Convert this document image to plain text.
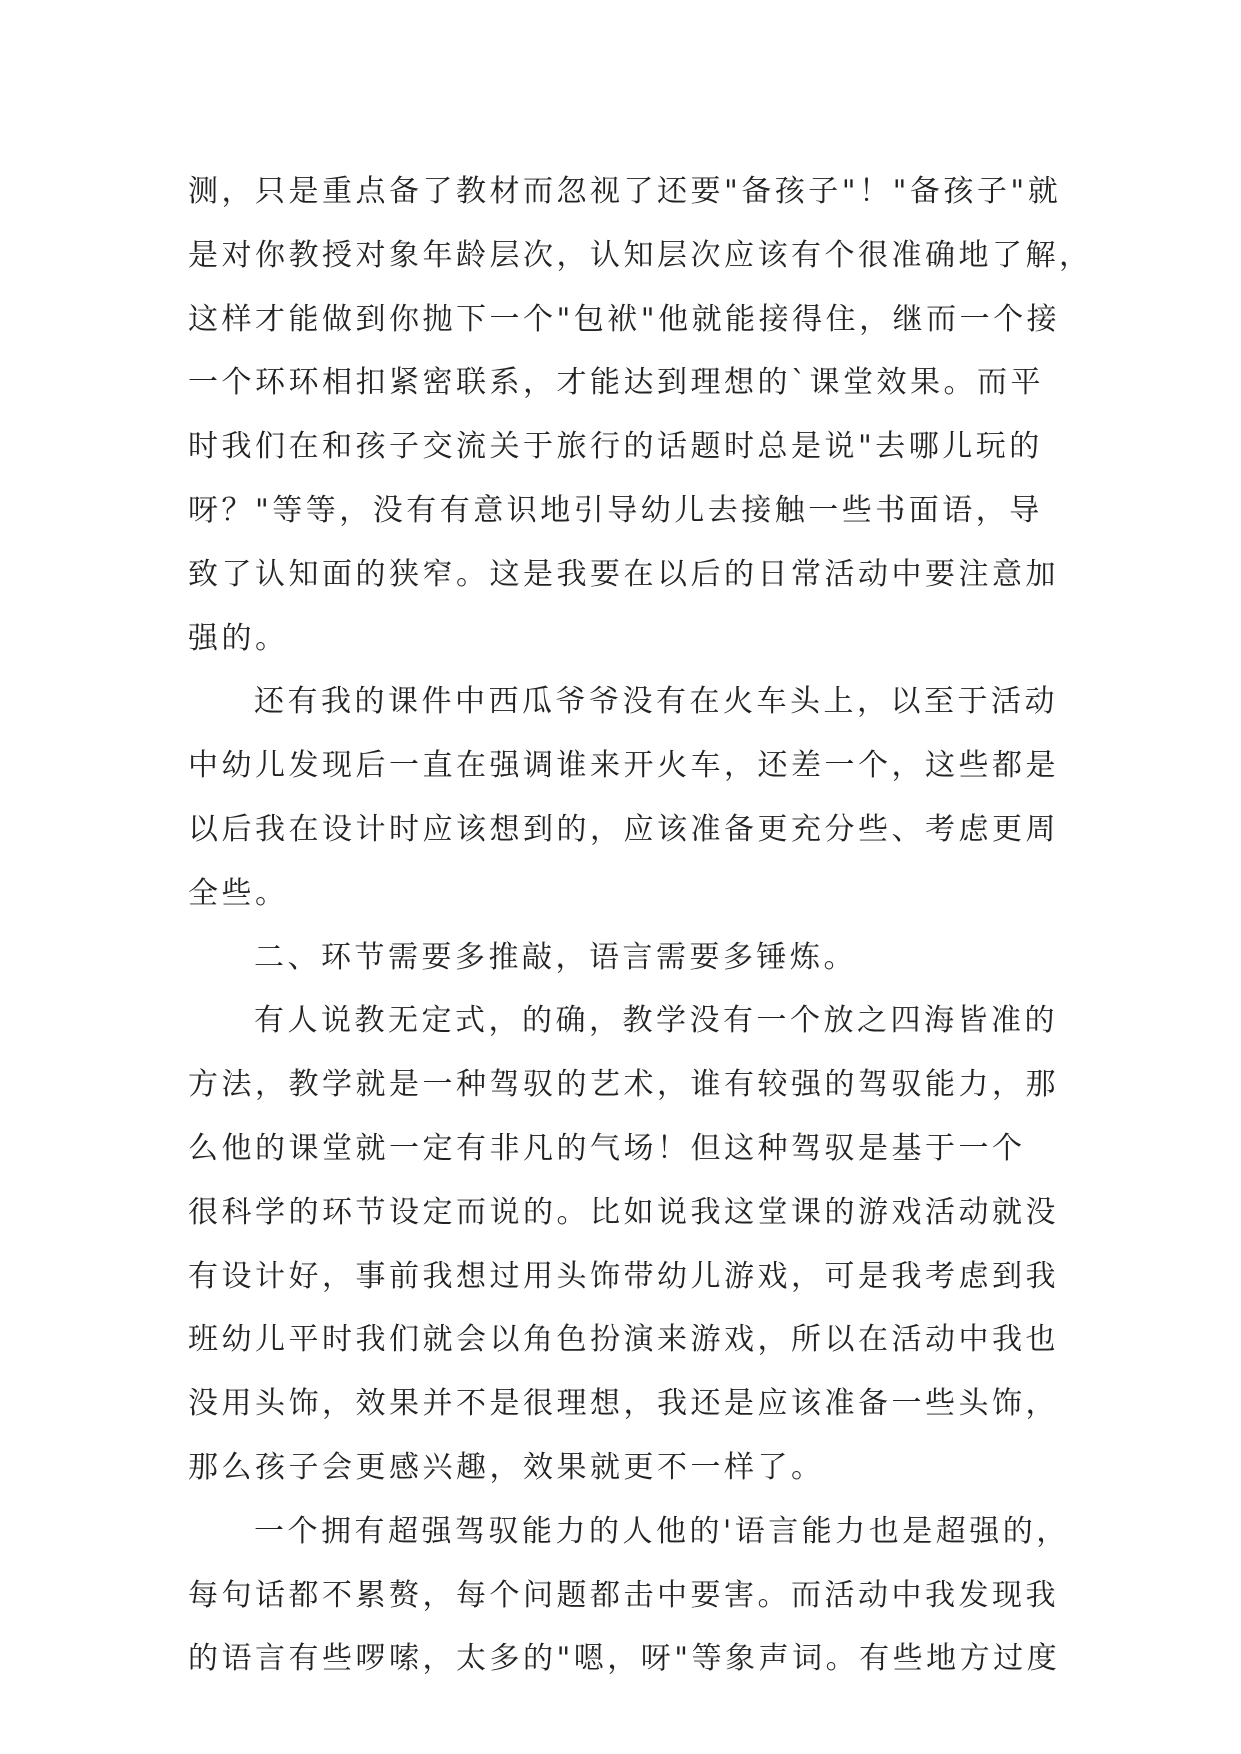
测，只是重点备了教材而忽视了还要"备孩子"！"备孩子"就
是对你教授对象年龄层次，认知层次应该有个很准确地了解，
这样才能做到你抛下一个"包袱"他就能接得住，继而一个接
一个环环相扣紧密联系，才能达到理想的`课堂效果。而平
时我们在和孩子交流关于旅行的话题时总是说"去哪儿玩的
呀？"等等，没有有意识地引导幼儿去接触一些书面语，导
致了认知面的狭窄。这是我要在以后的日常活动中要注意加
强的。
还有我的课件中西瓜爷爷没有在火车头上，以至于活动
中幼儿发现后一直在强调谁来开火车，还差一个，这些都是
以后我在设计时应该想到的，应该准备更充分些、考虑更周
全些。
二、环节需要多推敲，语言需要多锤炼。
有人说教无定式，的确，教学没有一个放之四海皆准的
方法，教学就是一种驾驭的艺术，谁有较强的驾驭能力，那
么他的课堂就一定有非凡的气场！但这种驾驭是基于一个
很科学的环节设定而说的。比如说我这堂课的游戏活动就没
有设计好，事前我想过用头饰带幼儿游戏，可是我考虑到我
班幼儿平时我们就会以角色扮演来游戏，所以在活动中我也
没用头饰，效果并不是很理想，我还是应该准备一些头饰，
那么孩子会更感兴趣，效果就更不一样了。
一个拥有超强驾驭能力的人他的'语言能力也是超强的，
每句话都不累赘，每个问题都击中要害。而活动中我发现我
的语言有些啰嗦，太多的"嗯，呀"等象声词。有些地方过度
